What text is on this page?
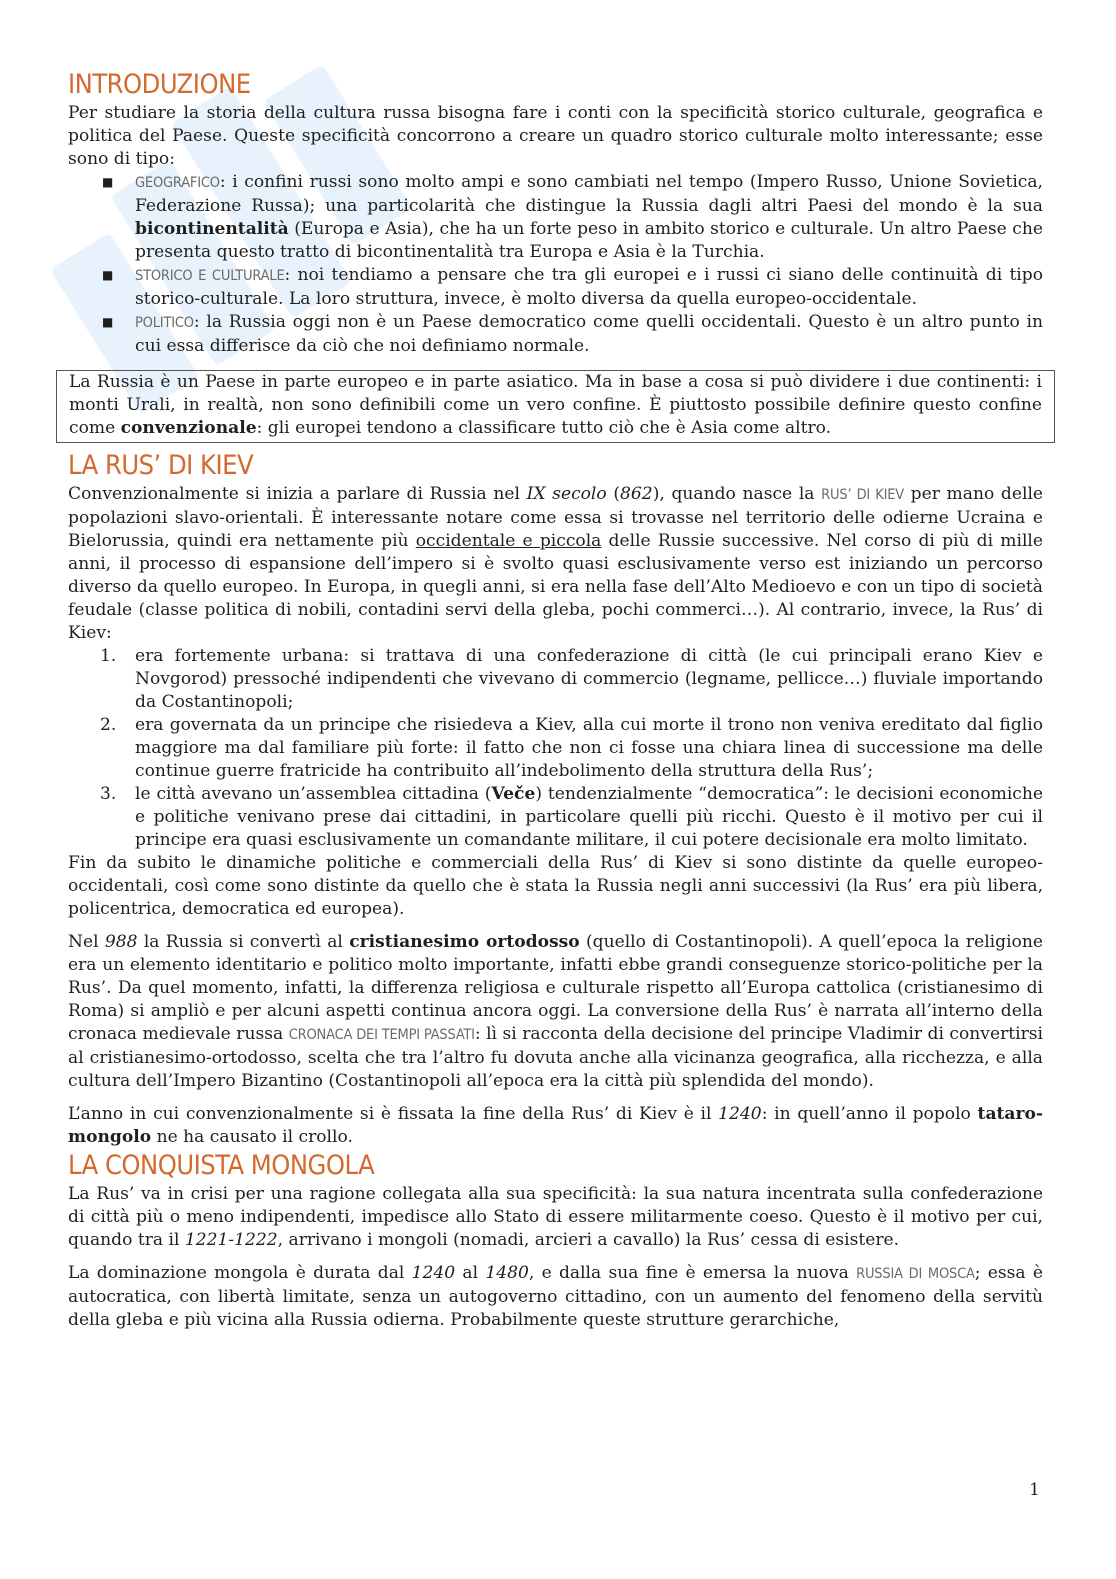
INTRODUZIONE

Per studiare la storia della cultura russa bisogna fare i conti con la specificità storico culturale, geografica e politica del Paese. Queste specificità concorrono a creare un quadro storico culturale molto interessante; esse sono di tipo:

■ GEOGRAFICO: i confini russi sono molto ampi e sono cambiati nel tempo (Impero Russo, Unione Sovietica, Federazione Russa); una particolarità che distingue la Russia dagli altri Paesi del mondo è la sua bicontinentalità (Europa e Asia), che ha un forte peso in ambito storico e culturale. Un altro Paese che presenta questo tratto di bicontinentalità tra Europa e Asia è la Turchia.
■ STORICO E CULTURALE: noi tendiamo a pensare che tra gli europei e i russi ci siano delle continuità di tipo storico-culturale. La loro struttura, invece, è molto diversa da quella europeo-occidentale.
■ POLITICO: la Russia oggi non è un Paese democratico come quelli occidentali. Questo è un altro punto in cui essa differisce da ciò che noi definiamo normale.

La Russia è un Paese in parte europeo e in parte asiatico. Ma in base a cosa si può dividere i due continenti: i monti Urali, in realtà, non sono definibili come un vero confine. È piuttosto possibile definire questo confine come convenzionale: gli europei tendono a classificare tutto ciò che è Asia come altro.

LA RUS’ DI KIEV

Convenzionalmente si inizia a parlare di Russia nel IX secolo (862), quando nasce la RUS’ DI KIEV per mano delle popolazioni slavo-orientali. È interessante notare come essa si trovasse nel territorio delle odierne Ucraina e Bielorussia, quindi era nettamente più occidentale e piccola delle Russie successive. Nel corso di più di mille anni, il processo di espansione dell’impero si è svolto quasi esclusivamente verso est iniziando un percorso diverso da quello europeo. In Europa, in quegli anni, si era nella fase dell’Alto Medioevo e con un tipo di società feudale (classe politica di nobili, contadini servi della gleba, pochi commerci…). Al contrario, invece, la Rus’ di Kiev:

1. era fortemente urbana: si trattava di una confederazione di città (le cui principali erano Kiev e Novgorod) pressoché indipendenti che vivevano di commercio (legname, pellicce…) fluviale importando da Costantinopoli;
2. era governata da un principe che risiedeva a Kiev, alla cui morte il trono non veniva ereditato dal figlio maggiore ma dal familiare più forte: il fatto che non ci fosse una chiara linea di successione ma delle continue guerre fratricide ha contribuito all’indebolimento della struttura della Rus’;
3. le città avevano un’assemblea cittadina (Veče) tendenzialmente “democratica”: le decisioni economiche e politiche venivano prese dai cittadini, in particolare quelli più ricchi. Questo è il motivo per cui il principe era quasi esclusivamente un comandante militare, il cui potere decisionale era molto limitato.

Fin da subito le dinamiche politiche e commerciali della Rus’ di Kiev si sono distinte da quelle europeo-occidentali, così come sono distinte da quello che è stata la Russia negli anni successivi (la Rus’ era più libera, policentrica, democratica ed europea).

Nel 988 la Russia si convertì al cristianesimo ortodosso (quello di Costantinopoli). A quell’epoca la religione era un elemento identitario e politico molto importante, infatti ebbe grandi conseguenze storico-politiche per la Rus’. Da quel momento, infatti, la differenza religiosa e culturale rispetto all’Europa cattolica (cristianesimo di Roma) si ampliò e per alcuni aspetti continua ancora oggi. La conversione della Rus’ è narrata all’interno della cronaca medievale russa CRONACA DEI TEMPI PASSATI: lì si racconta della decisione del principe Vladimir di convertirsi al cristianesimo-ortodosso, scelta che tra l’altro fu dovuta anche alla vicinanza geografica, alla ricchezza, e alla cultura dell’Impero Bizantino (Costantinopoli all’epoca era la città più splendida del mondo).

L’anno in cui convenzionalmente si è fissata la fine della Rus’ di Kiev è il 1240: in quell’anno il popolo tataro-mongolo ne ha causato il crollo.

LA CONQUISTA MONGOLA

La Rus’ va in crisi per una ragione collegata alla sua specificità: la sua natura incentrata sulla confederazione di città più o meno indipendenti, impedisce allo Stato di essere militarmente coeso. Questo è il motivo per cui, quando tra il 1221-1222, arrivano i mongoli (nomadi, arcieri a cavallo) la Rus’ cessa di esistere.

La dominazione mongola è durata dal 1240 al 1480, e dalla sua fine è emersa la nuova RUSSIA DI MOSCA; essa è autocratica, con libertà limitate, senza un autogoverno cittadino, con un aumento del fenomeno della servitù della gleba e più vicina alla Russia odierna. Probabilmente queste strutture gerarchiche,

1
